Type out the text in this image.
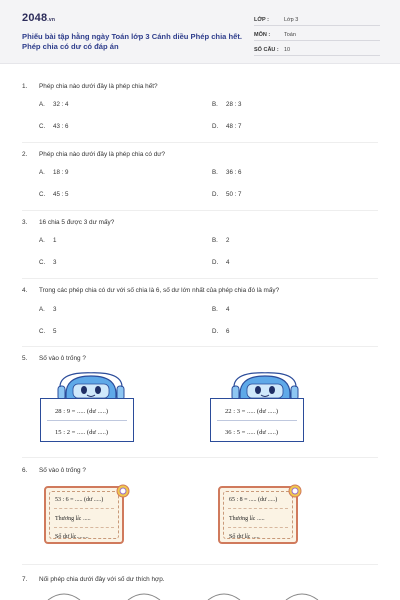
2048.vn
Phiếu bài tập hằng ngày Toán lớp 3 Cánh diều Phép chia hết. Phép chia có dư có đáp án
LỚP :	Lớp 3
MÔN :	Toán
SỐ CÂU : 10
1. Phép chia nào dưới đây là phép chia hết?
A. 32 : 4	B. 28 : 3
C. 43 : 6	D. 48 : 7
2. Phép chia nào dưới đây là phép chia có dư?
A. 18 : 9	B. 36 : 6
C. 45 : 5	D. 50 : 7
3. 16 chia 5 được 3 dư mấy?
A. 1	B. 2
C. 3	D. 4
4. Trong các phép chia có dư với số chia là 6, số dư lớn nhất của phép chia đó là mấy?
A. 3	B. 4
C. 5	D. 6
5. Số vào ô trống ?
28 : 9 = ..... (dư .....)
15 : 2 = ..... (dư .....)
22 : 3 = ..... (dư .....)
36 : 5 = ..... (dư .....)
6. Số vào ô trống ?
53 : 6 = ..... (dư .....)
Thương là: .....
Số dư là:........
65 : 8 = ..... (dư .....)
Thương là: .....
Số dư là: .....
7. Nối phép chia dưới đây với số dư thích hợp.
